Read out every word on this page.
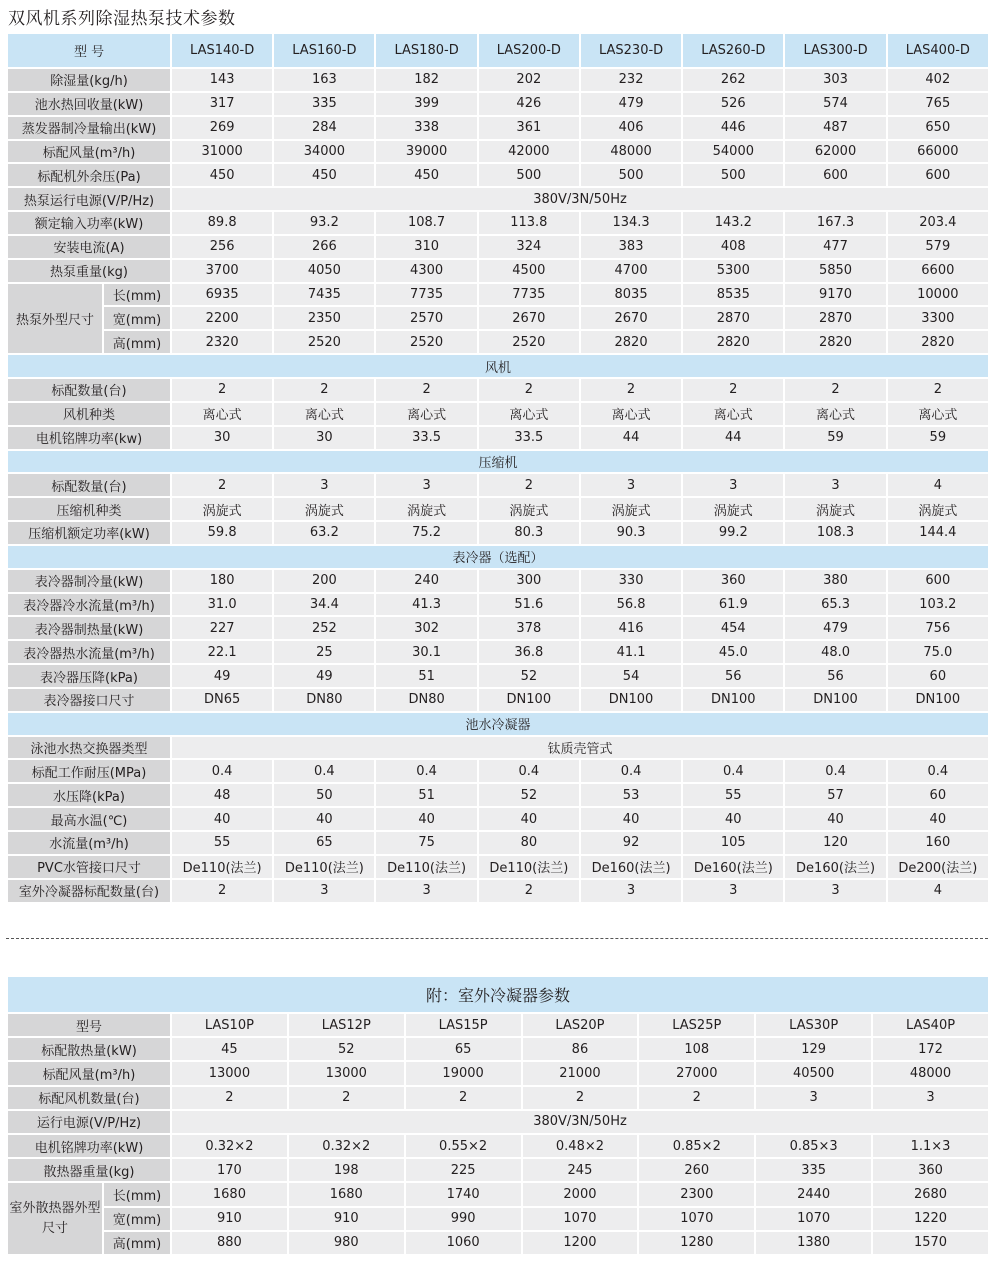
双风机系列除湿热泵技术参数
型 号		LAS140-D	LAS160-D	LAS180-D	LAS200-D	LAS230-D	LAS260-D	LAS300-D	LAS400-D
除湿量(kg/h)		143	163	182	202	232	262	303	402
池水热回收量(kW)		317	335	399	426	479	526	574	765
蒸发器制冷量输出(kW)		269	284	338	361	406	446	487	650
标配风量(m³/h)		31000	34000	39000	42000	48000	54000	62000	66000
标配机外余压(Pa)		450	450	450	500	500	500	600	600
热泵运行电源(V/P/Hz)		380V/3N/50Hz							
额定输入功率(kW)		89.8	93.2	108.7	113.8	134.3	143.2	167.3	203.4
安装电流(A)		256	266	310	324	383	408	477	579
热泵重量(kg)		3700	4050	4300	4500	4700	5300	5850	6600
热泵外型尺寸	长(mm)	6935	7435	7735	7735	8035	8535	9170	10000
	宽(mm)	2200	2350	2570	2670	2670	2870	2870	3300
	高(mm)	2320	2520	2520	2520	2820	2820	2820	2820
风机									
标配数量(台)		2	2	2	2	2	2	2	2
风机种类		离心式	离心式	离心式	离心式	离心式	离心式	离心式	离心式
电机铭牌功率(kw)		30	30	33.5	33.5	44	44	59	59
压缩机									
标配数量(台)		2	3	3	2	3	3	3	4
压缩机种类		涡旋式	涡旋式	涡旋式	涡旋式	涡旋式	涡旋式	涡旋式	涡旋式
压缩机额定功率(kW)		59.8	63.2	75.2	80.3	90.3	99.2	108.3	144.4
表冷器（选配）									
表冷器制冷量(kW)		180	200	240	300	330	360	380	600
表冷器冷水流量(m³/h)		31.0	34.4	41.3	51.6	56.8	61.9	65.3	103.2
表冷器制热量(kW)		227	252	302	378	416	454	479	756
表冷器热水流量(m³/h)		22.1	25	30.1	36.8	41.1	45.0	48.0	75.0
表冷器压降(kPa)		49	49	51	52	54	56	56	60
表冷器接口尺寸		DN65	DN80	DN80	DN100	DN100	DN100	DN100	DN100
池水冷凝器									
泳池水热交换器类型		钛质壳管式							
标配工作耐压(MPa)		0.4	0.4	0.4	0.4	0.4	0.4	0.4	0.4
水压降(kPa)		48	50	51	52	53	55	57	60
最高水温(℃)		40	40	40	40	40	40	40	40
水流量(m³/h)		55	65	75	80	92	105	120	160
PVC水管接口尺寸		De110(法兰)	De110(法兰)	De110(法兰)	De110(法兰)	De160(法兰)	De160(法兰)	De160(法兰)	De200(法兰)
室外冷凝器标配数量(台)		2	3	3	2	3	3	3	4
附：室外冷凝器参数								
型号		LAS10P	LAS12P	LAS15P	LAS20P	LAS25P	LAS30P	LAS40P
标配散热量(kW)		45	52	65	86	108	129	172
标配风量(m³/h)		13000	13000	19000	21000	27000	40500	48000
标配风机数量(台)		2	2	2	2	2	3	3
运行电源(V/P/Hz)		380V/3N/50Hz						
电机铭牌功率(kW)		0.32×2	0.32×2	0.55×2	0.48×2	0.85×2	0.85×3	1.1×3
散热器重量(kg)		170	198	225	245	260	335	360
室外散热器外型尺寸	长(mm)	1680	1680	1740	2000	2300	2440	2680
	宽(mm)	910	910	990	1070	1070	1070	1220
	高(mm)	880	980	1060	1200	1280	1380	1570
